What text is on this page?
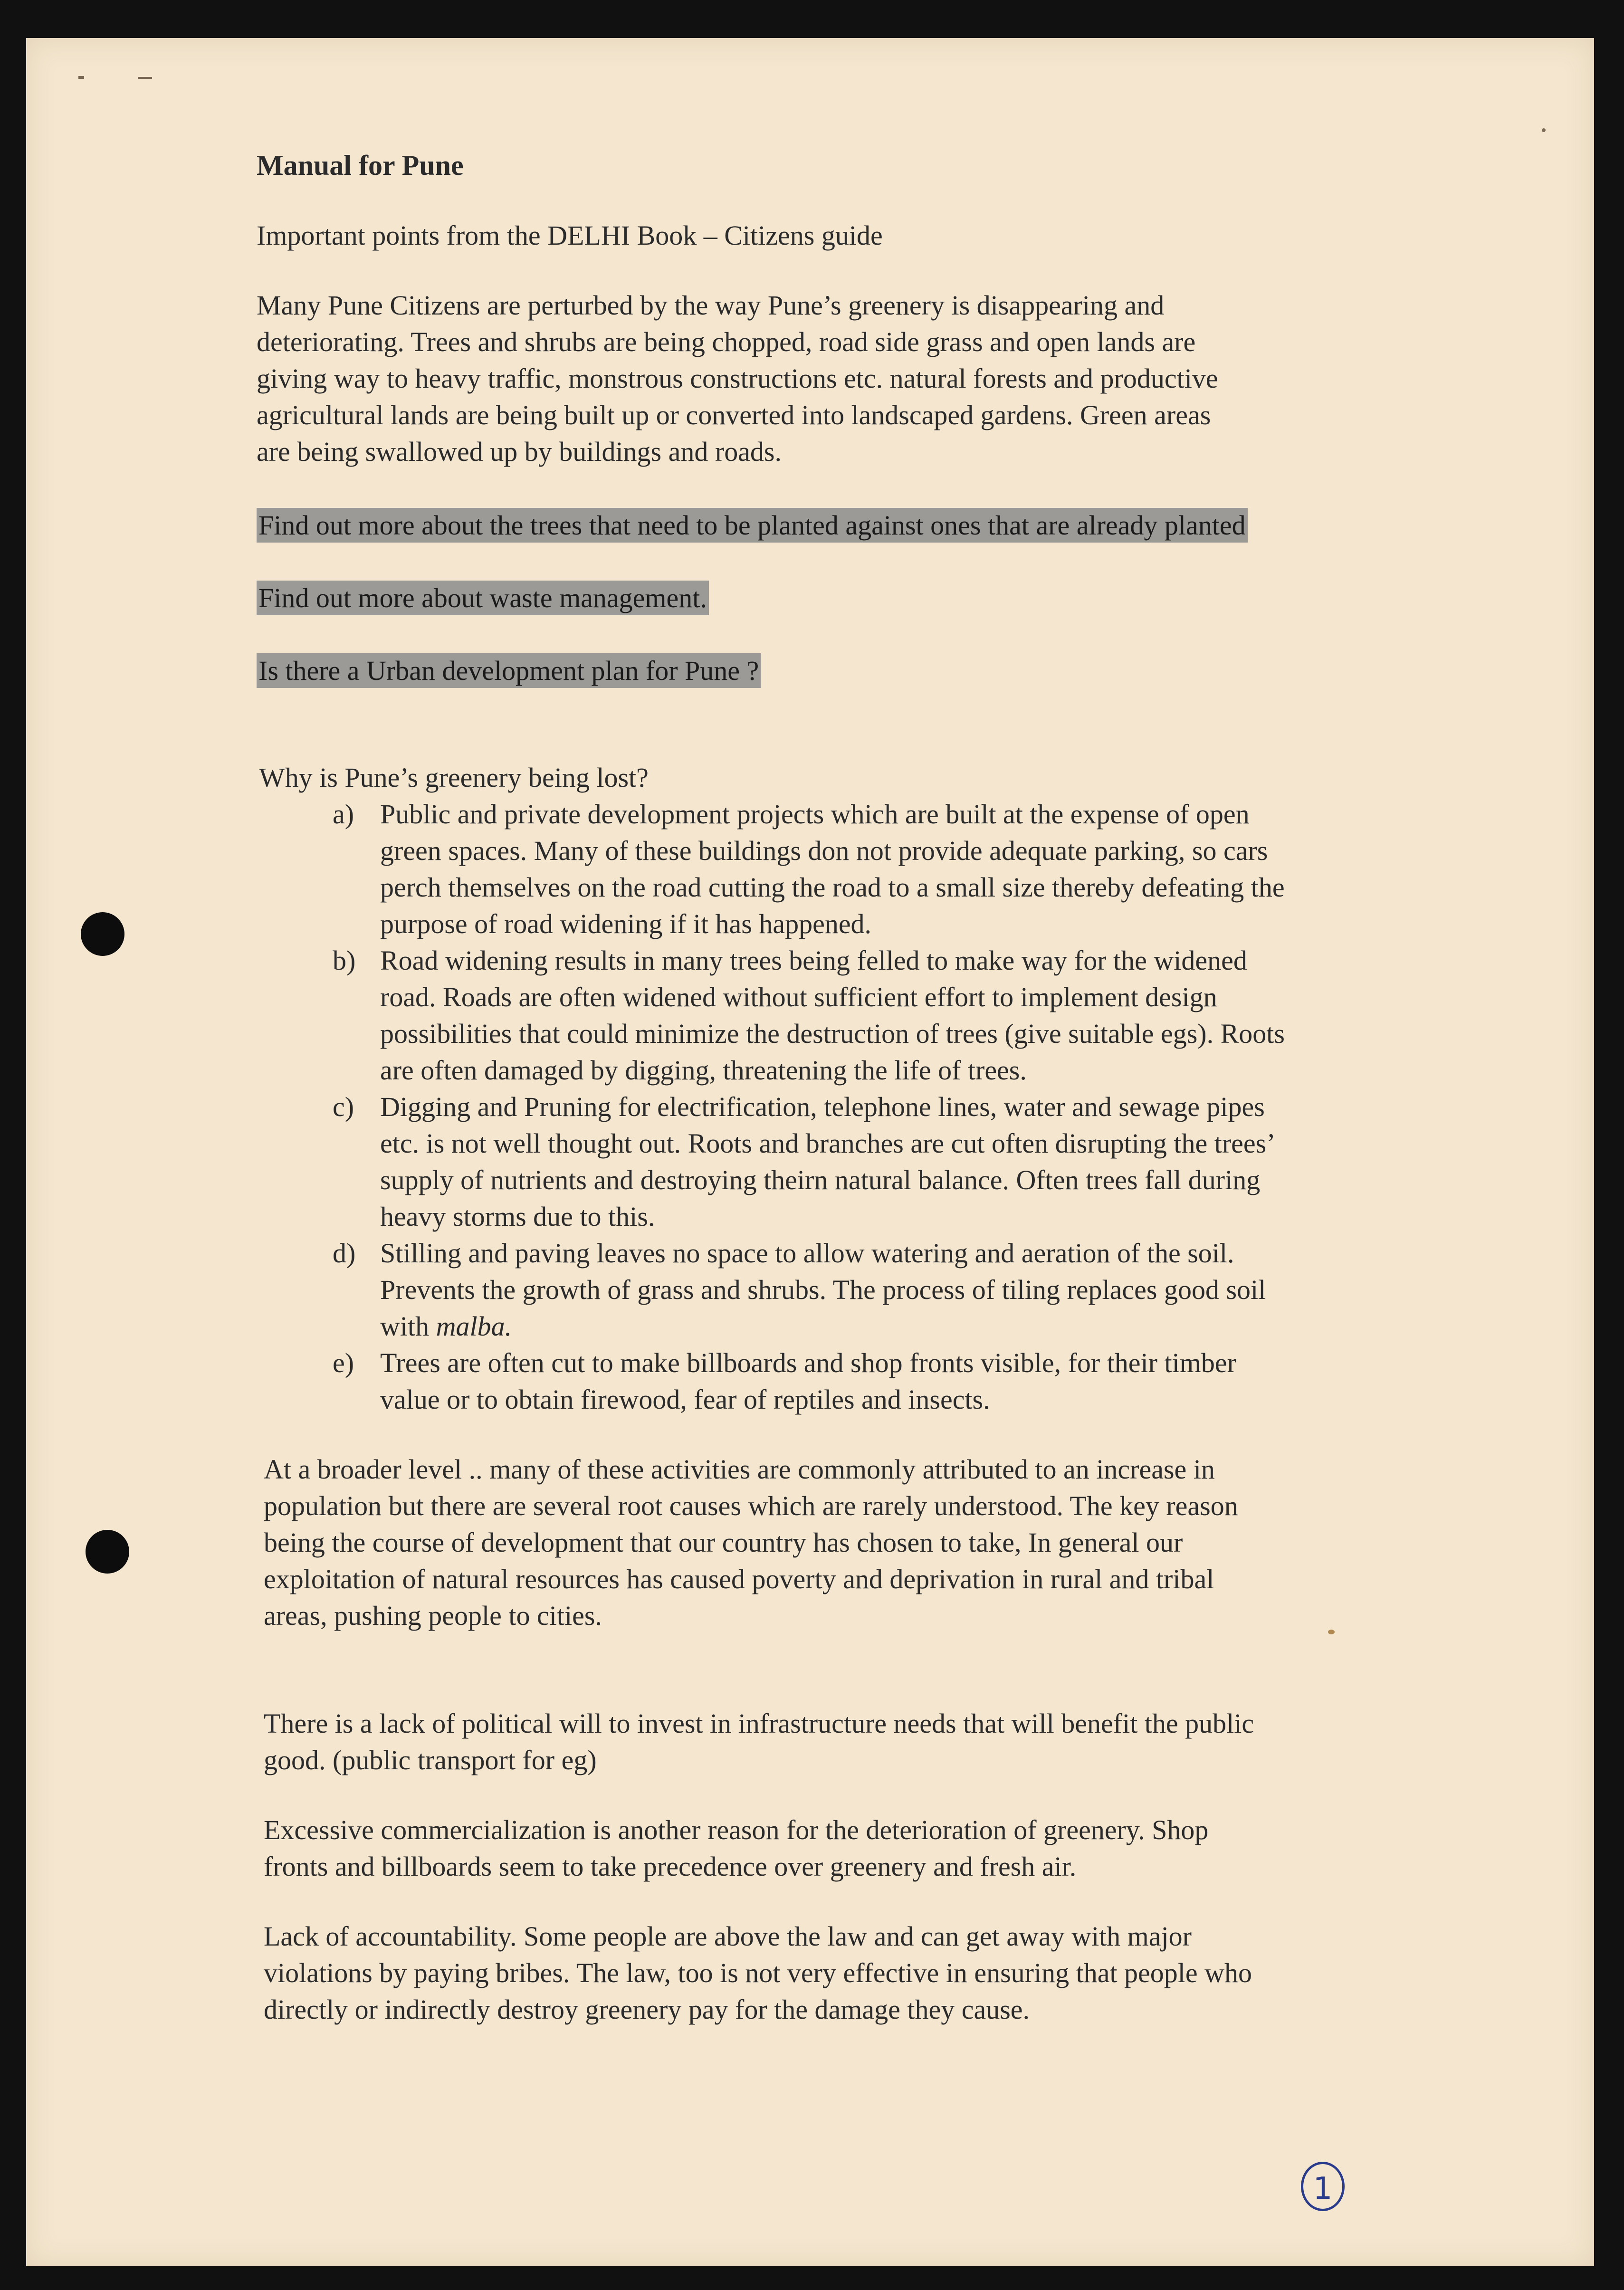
Manual for Pune
Important points from the DELHI Book – Citizens guide
Many Pune Citizens are perturbed by the way Pune’s greenery is disappearing and
deteriorating. Trees and shrubs are being chopped, road side grass and open lands are
giving way to heavy traffic, monstrous constructions etc. natural forests and productive
agricultural lands are being built up or converted into landscaped gardens. Green areas
are being swallowed up by buildings and roads.
Find out more about the trees that need to be planted against ones that are already planted
Find out more about waste management.
Is there a Urban development plan for Pune ?
Why is Pune’s greenery being lost?
a) Public and private development projects which are built at the expense of open
green spaces. Many of these buildings don not provide adequate parking, so cars
perch themselves on the road cutting the road to a small size thereby defeating the
purpose of road widening if it has happened.
b) Road widening results in many trees being felled to make way for the widened
road. Roads are often widened without sufficient effort to implement design
possibilities that could minimize the destruction of trees (give suitable egs). Roots
are often damaged by digging, threatening the life of trees.
c) Digging and Pruning for electrification, telephone lines, water and sewage pipes
etc. is not well thought out. Roots and branches are cut often disrupting the trees’
supply of nutrients and destroying theirn natural balance. Often trees fall during
heavy storms due to this.
d) Stilling and paving leaves no space to allow watering and aeration of the soil.
Prevents the growth of grass and shrubs. The process of tiling replaces good soil
with malba.
e) Trees are often cut to make billboards and shop fronts visible, for their timber
value or to obtain firewood, fear of reptiles and insects.
At a broader level .. many of these activities are commonly attributed to an increase in
population but there are several root causes which are rarely understood. The key reason
being the course of development that our country has chosen to take, In general our
exploitation of natural resources has caused poverty and deprivation in rural and tribal
areas, pushing people to cities.
There is a lack of political will to invest in infrastructure needs that will benefit the public
good. (public transport for eg)
Excessive commercialization is another reason for the deterioration of greenery. Shop
fronts and billboards seem to take precedence over greenery and fresh air.
Lack of accountability. Some people are above the law and can get away with major
violations by paying bribes. The law, too is not very effective in ensuring that people who
directly or indirectly destroy greenery pay for the damage they cause.
1
